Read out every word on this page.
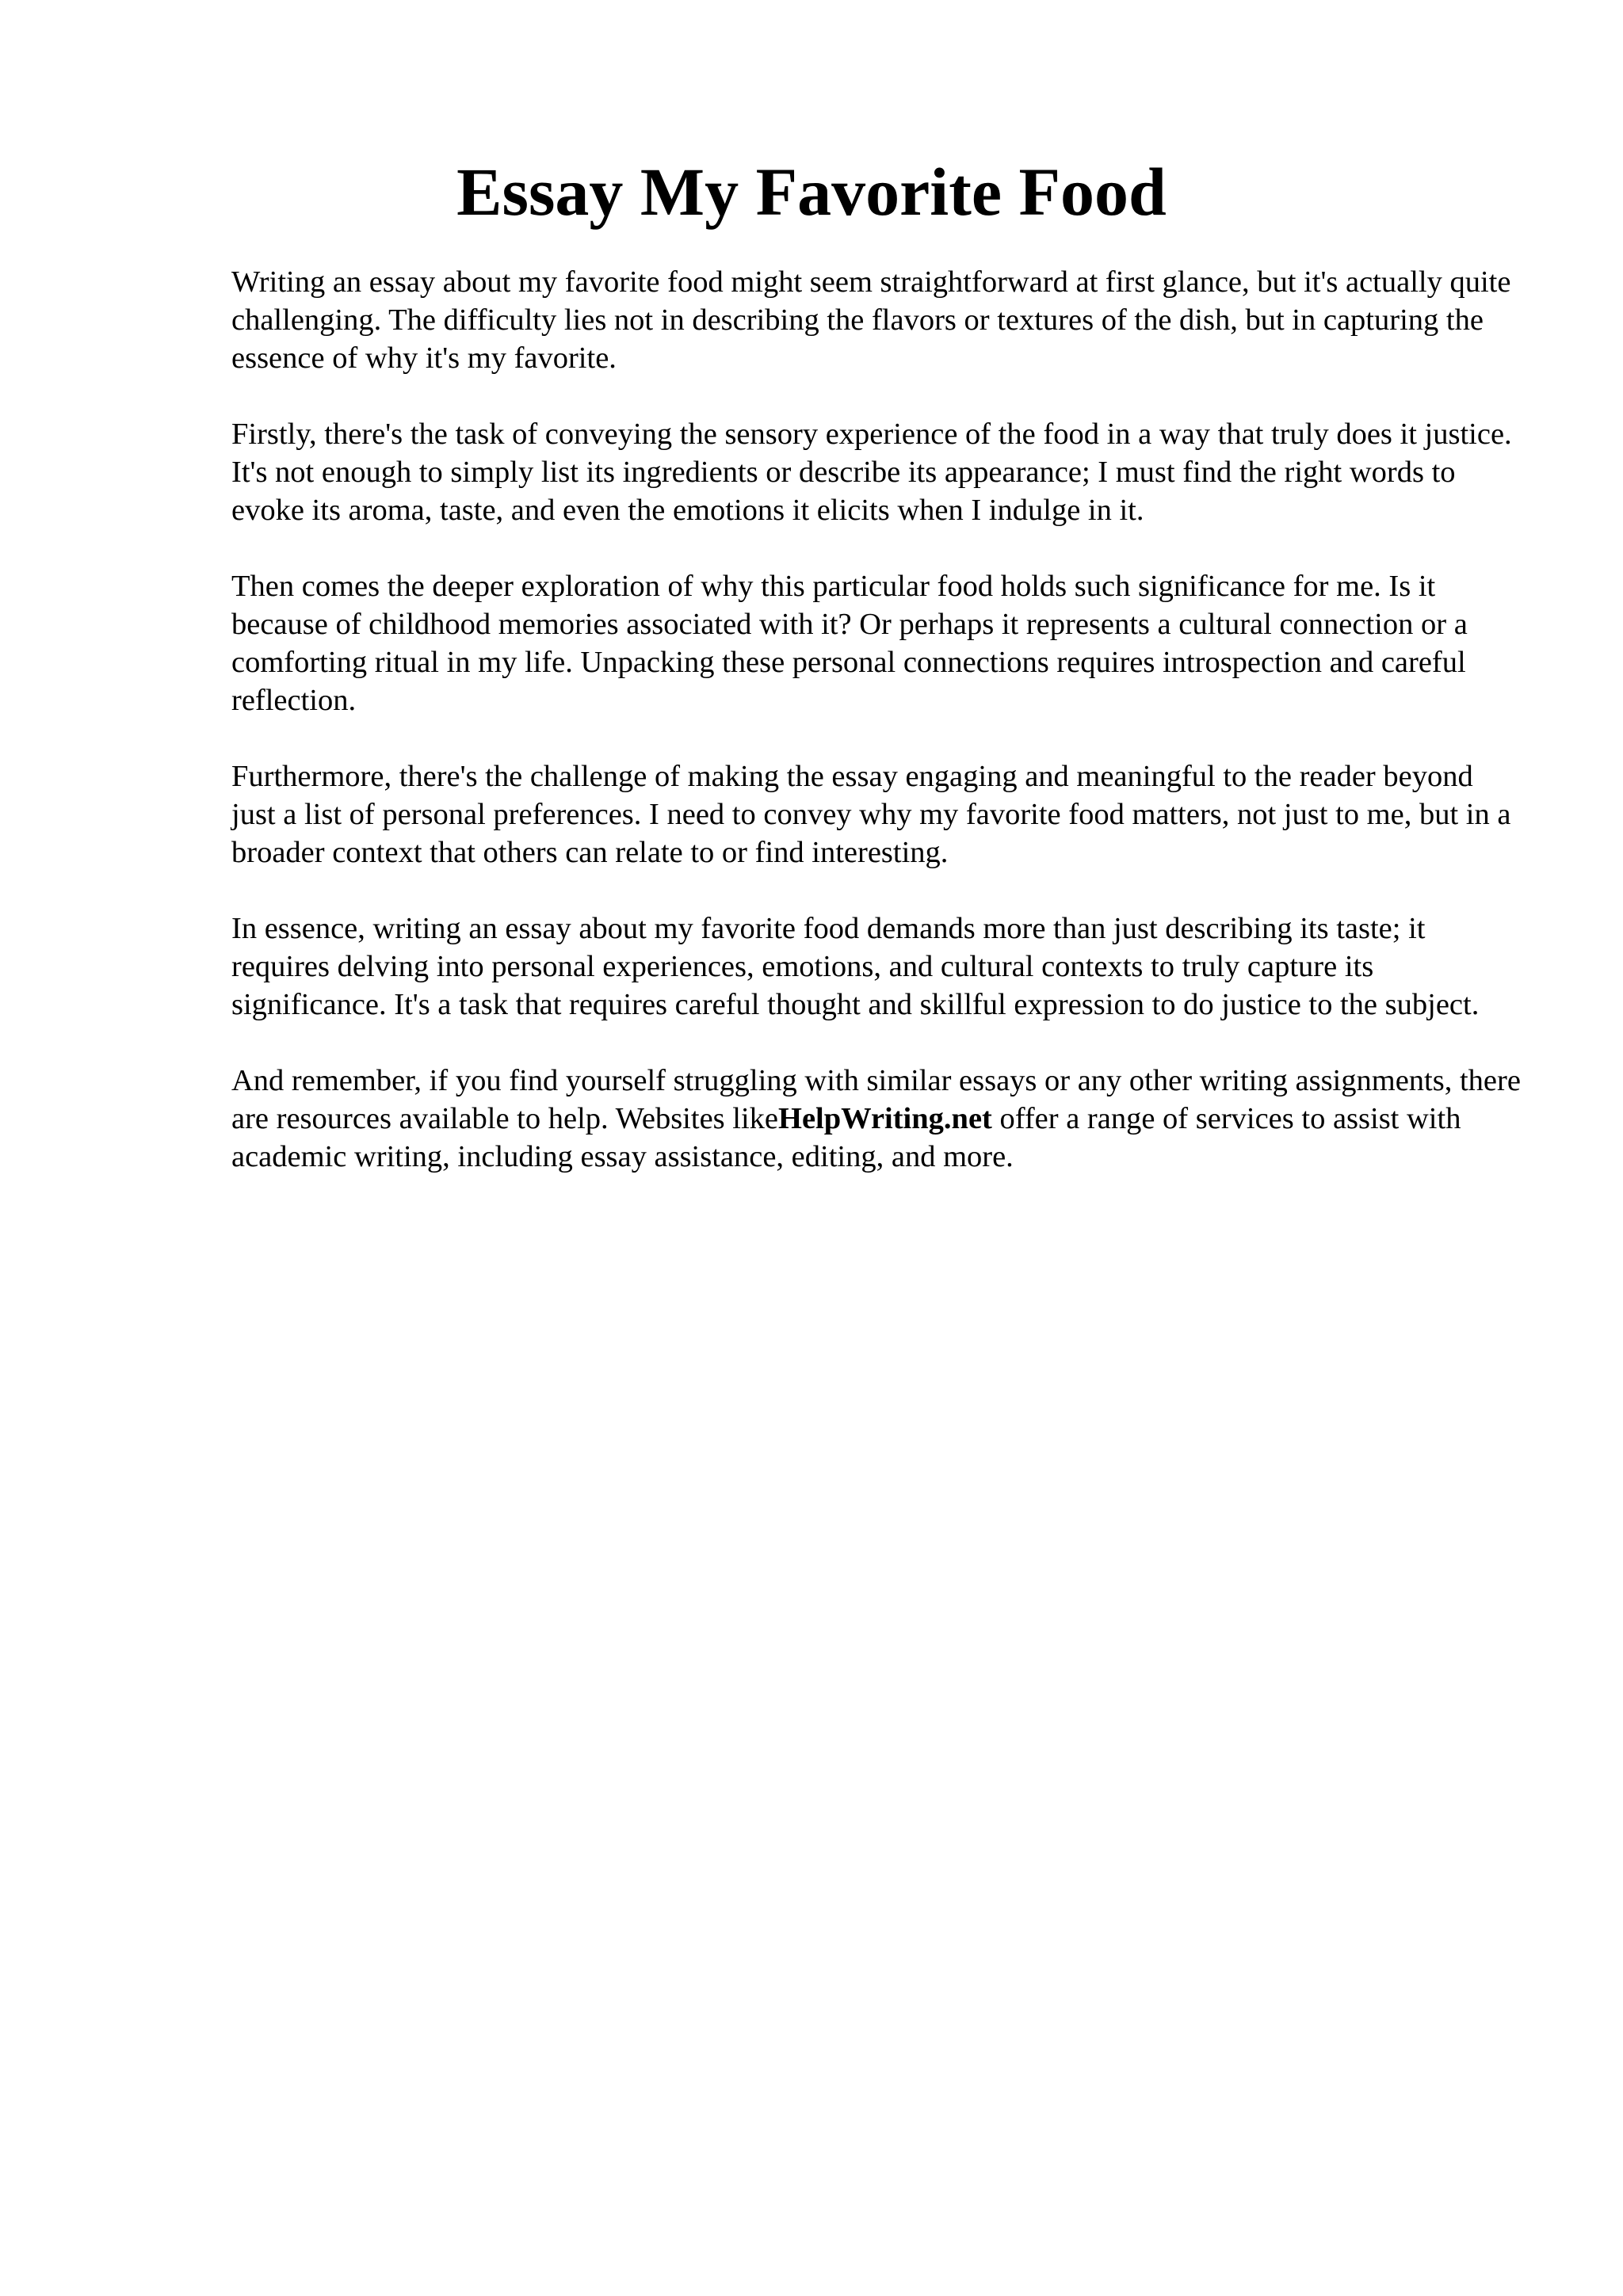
Essay My Favorite Food

Writing an essay about my favorite food might seem straightforward at first glance, but it's actually quite challenging. The difficulty lies not in describing the flavors or textures of the dish, but in capturing the essence of why it's my favorite.

Firstly, there's the task of conveying the sensory experience of the food in a way that truly does it justice. It's not enough to simply list its ingredients or describe its appearance; I must find the right words to evoke its aroma, taste, and even the emotions it elicits when I indulge in it.

Then comes the deeper exploration of why this particular food holds such significance for me. Is it because of childhood memories associated with it? Or perhaps it represents a cultural connection or a comforting ritual in my life. Unpacking these personal connections requires introspection and careful reflection.

Furthermore, there's the challenge of making the essay engaging and meaningful to the reader beyond just a list of personal preferences. I need to convey why my favorite food matters, not just to me, but in a broader context that others can relate to or find interesting.

In essence, writing an essay about my favorite food demands more than just describing its taste; it requires delving into personal experiences, emotions, and cultural contexts to truly capture its significance. It's a task that requires careful thought and skillful expression to do justice to the subject.

And remember, if you find yourself struggling with similar essays or any other writing assignments, there are resources available to help. Websites likeHelpWriting.net offer a range of services to assist with academic writing, including essay assistance, editing, and more.
